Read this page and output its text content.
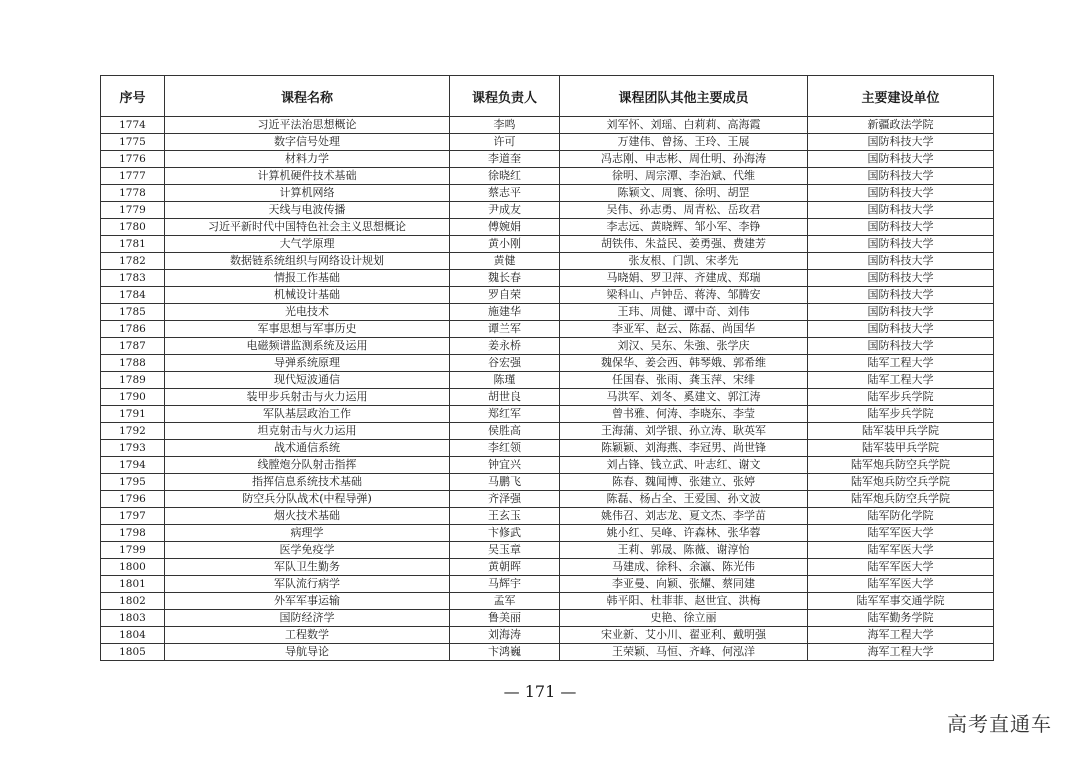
序号	课程名称	课程负责人	课程团队其他主要成员	主要建设单位
1774	习近平法治思想概论	李鸣	刘军怀、刘瑶、白莉莉、高海霞	新疆政法学院
1775	数字信号处理	许可	万建伟、曾扬、王玲、王展	国防科技大学
1776	材料力学	李道奎	冯志刚、申志彬、周仕明、孙海涛	国防科技大学
1777	计算机硬件技术基础	徐晓红	徐明、周宗潭、李治斌、代维	国防科技大学
1778	计算机网络	蔡志平	陈颖文、周寰、徐明、胡罡	国防科技大学
1779	天线与电波传播	尹成友	吴伟、孙志勇、周青松、岳玫君	国防科技大学
1780	习近平新时代中国特色社会主义思想概论	傅婉娟	李志远、黄晓辉、邹小军、李铮	国防科技大学
1781	大气学原理	黄小刚	胡铁伟、朱益民、姜勇强、费建芳	国防科技大学
1782	数据链系统组织与网络设计规划	黄健	张友根、门凯、宋孝先	国防科技大学
1783	情报工作基础	魏长春	马晓娟、罗卫萍、齐建成、郑瑞	国防科技大学
1784	机械设计基础	罗自荣	梁科山、卢钟岳、蒋涛、邹腾安	国防科技大学
1785	光电技术	施建华	王玮、周健、谭中奇、刘伟	国防科技大学
1786	军事思想与军事历史	谭兰军	李亚军、赵云、陈磊、尚国华	国防科技大学
1787	电磁频谱监测系统及运用	姜永桥	刘汉、吴东、朱強、张学庆	国防科技大学
1788	导弹系统原理	谷宏强	魏保华、姜会西、韩琴娥、郭希维	陆军工程大学
1789	现代短波通信	陈瑾	任国春、张雨、龚玉萍、宋绯	陆军工程大学
1790	装甲步兵射击与火力运用	胡世良	马洪军、刘冬、奚建文、郭江涛	陆军步兵学院
1791	军队基层政治工作	郑红军	曾书雅、何涛、李晓东、李莹	陆军步兵学院
1792	坦克射击与火力运用	侯胜高	王海蒲、刘学银、孙立涛、耿英军	陆军装甲兵学院
1793	战术通信系统	李红领	陈颖颖、刘海燕、李冠男、尚世锋	陆军装甲兵学院
1794	线膛炮分队射击指挥	钟宜兴	刘占锋、钱立武、叶志红、谢文	陆军炮兵防空兵学院
1795	指挥信息系统技术基础	马鹏飞	陈春、魏闻博、张建立、张婷	陆军炮兵防空兵学院
1796	防空兵分队战术(中程导弹)	齐泽强	陈磊、杨占全、王爱国、孙文波	陆军炮兵防空兵学院
1797	烟火技术基础	王玄玉	姚伟召、刘志龙、夏文杰、李学苗	陆军防化学院
1798	病理学	卞修武	姚小红、吴峰、许森林、张华蓉	陆军军医大学
1799	医学免疫学	吴玉章	王莉、郭晟、陈薇、谢淳怡	陆军军医大学
1800	军队卫生勤务	黄朝晖	马建成、徐科、余瀛、陈光伟	陆军军医大学
1801	军队流行病学	马辉宇	李亚曼、向颖、张耀、蔡同建	陆军军医大学
1802	外军军事运输	孟军	韩平阳、杜菲菲、赵世宜、洪梅	陆军军事交通学院
1803	国防经济学	鲁美丽	史艳、徐立丽	陆军勤务学院
1804	工程数学	刘海涛	宋业新、艾小川、翟亚利、戴明强	海军工程大学
1805	导航导论	卞鸿巍	王荣颖、马恒、齐峰、何泓洋	海军工程大学
— 171 —
高考直通车
